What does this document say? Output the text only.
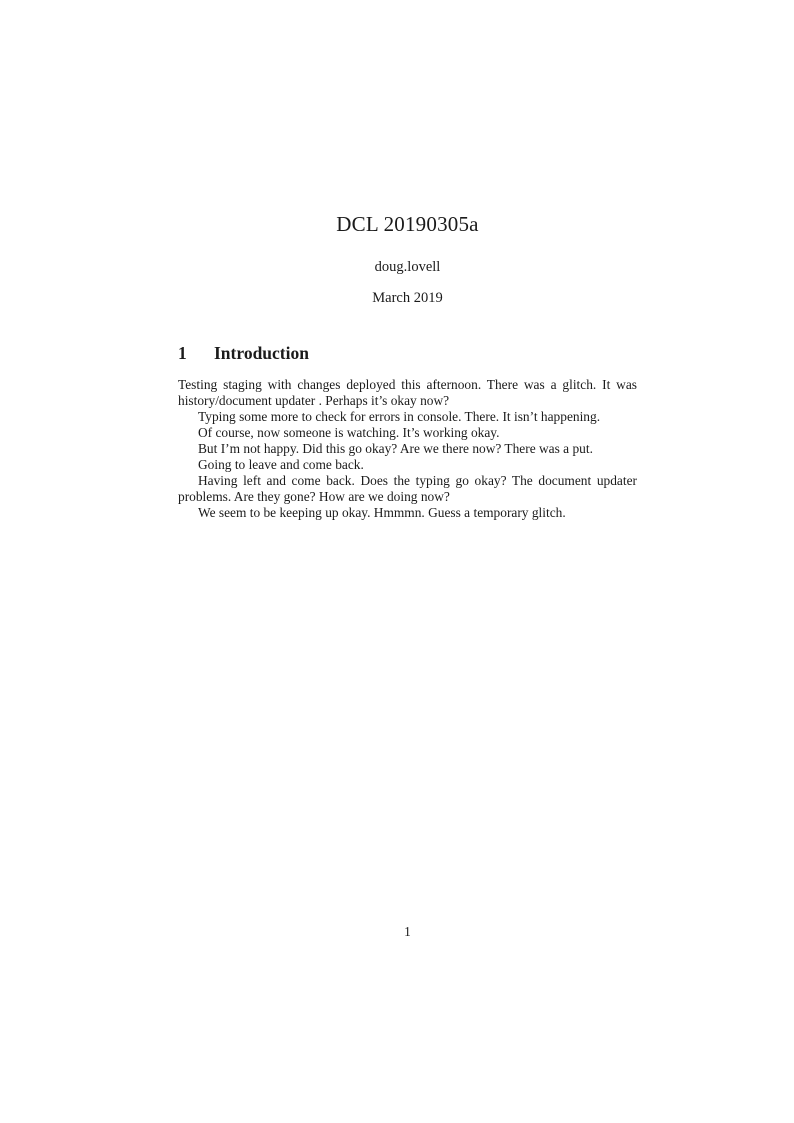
DCL 20190305a
doug.lovell
March 2019
1 Introduction

Testing staging with changes deployed this afternoon. There was a glitch. It was history/document updater . Perhaps it’s okay now?

Typing some more to check for errors in console. There. It isn’t happening.

Of course, now someone is watching. It’s working okay.

But I’m not happy. Did this go okay? Are we there now? There was a put.

Going to leave and come back.

Having left and come back. Does the typing go okay? The document updater problems. Are they gone? How are we doing now?

We seem to be keeping up okay. Hmmmn. Guess a temporary glitch.

1
